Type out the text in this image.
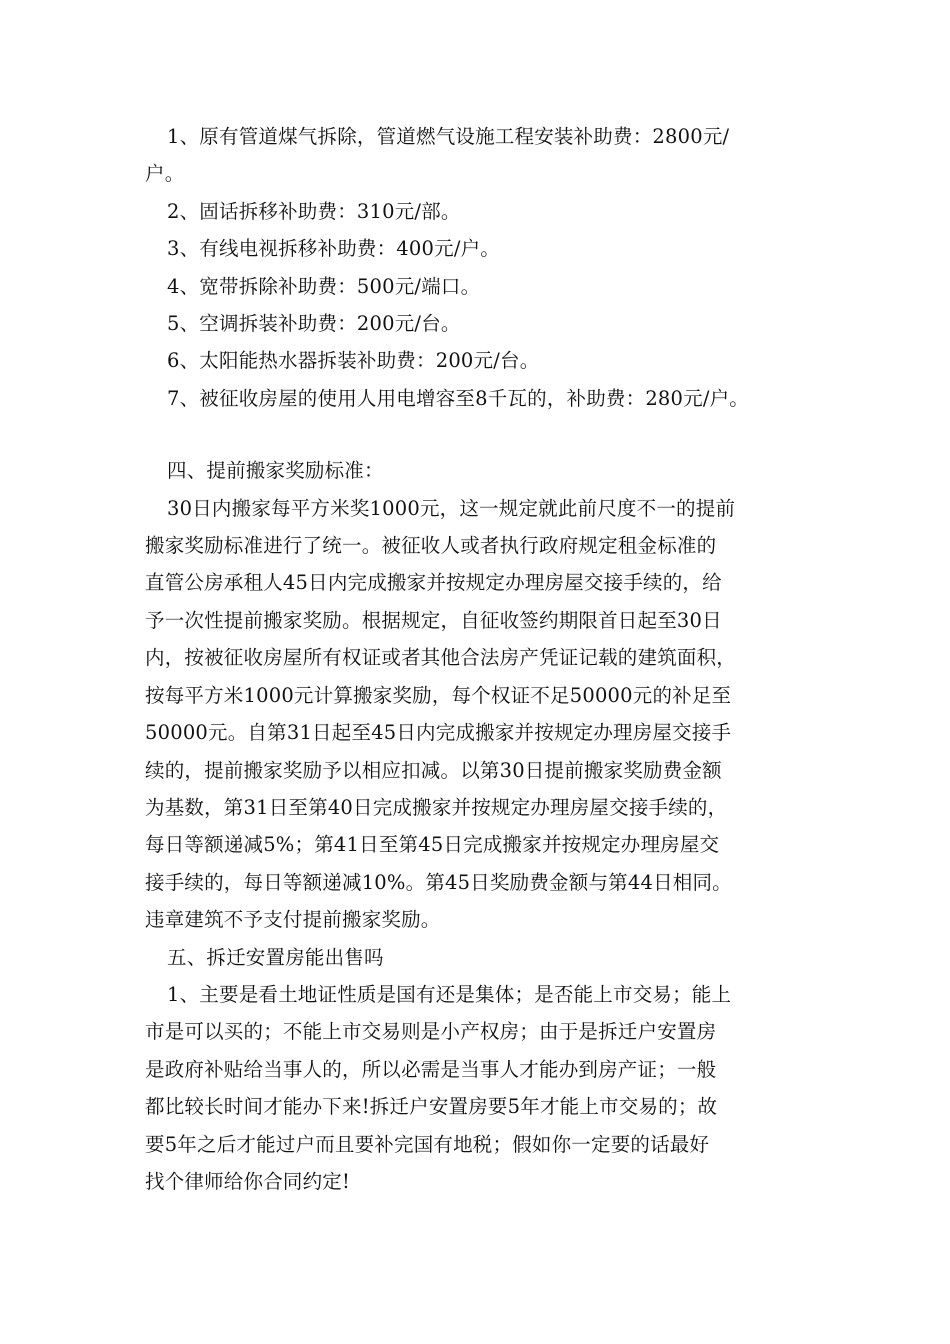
1、原有管道煤气拆除，管道燃气设施工程安装补助费：2800元/

户。

2、固话拆移补助费：310元/部。

3、有线电视拆移补助费：400元/户。

4、宽带拆除补助费：500元/端口。

5、空调拆装补助费：200元/台。

6、太阳能热水器拆装补助费：200元/台。

7、被征收房屋的使用人用电增容至8千瓦的，补助费：280元/户。

四、提前搬家奖励标准：

30日内搬家每平方米奖1000元，这一规定就此前尺度不一的提前

搬家奖励标准进行了统一。被征收人或者执行政府规定租金标准的

直管公房承租人45日内完成搬家并按规定办理房屋交接手续的，给

予一次性提前搬家奖励。根据规定，自征收签约期限首日起至30日

内，按被征收房屋所有权证或者其他合法房产凭证记载的建筑面积，

按每平方米1000元计算搬家奖励，每个权证不足50000元的补足至

50000元。自第31日起至45日内完成搬家并按规定办理房屋交接手

续的，提前搬家奖励予以相应扣减。以第30日提前搬家奖励费金额

为基数，第31日至第40日完成搬家并按规定办理房屋交接手续的，

每日等额递减5%；第41日至第45日完成搬家并按规定办理房屋交

接手续的，每日等额递减10%。第45日奖励费金额与第44日相同。

违章建筑不予支付提前搬家奖励。

五、拆迁安置房能出售吗

1、主要是看土地证性质是国有还是集体；是否能上市交易；能上

市是可以买的；不能上市交易则是小产权房；由于是拆迁户安置房

是政府补贴给当事人的，所以必需是当事人才能办到房产证；一般

都比较长时间才能办下来!拆迁户安置房要5年才能上市交易的；故

要5年之后才能过户而且要补完国有地税；假如你一定要的话最好

找个律师给你合同约定!
